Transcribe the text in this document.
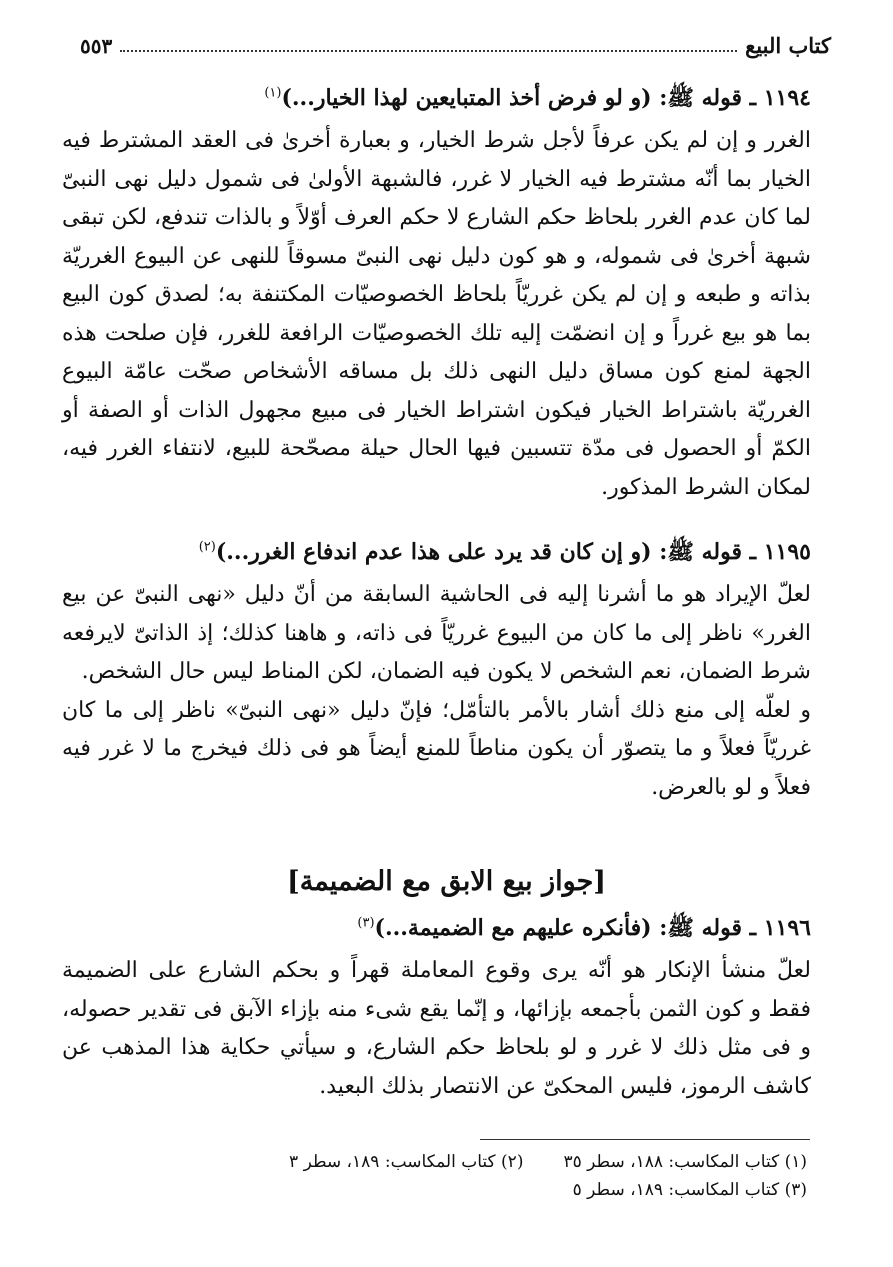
كتاب البيع
٥٥٣
١١٩٤ ـ قوله ﷺ: (و لو فرض أخذ المتبايعين لهذا الخيار...)$^{(١)}$
الغرر و إن لم يكن عرفاً لأجل شرط الخيار، و بعبارة أخرىٰ فى العقد المشترط فيه الخيار بما أنّه مشترط فيه الخيار لا غرر، فالشبهة الأولىٰ فى شمول دليل نهى النبىّ لما كان عدم الغرر بلحاظ حكم الشارع لا حكم العرف أوّلاً و بالذات تندفع، لكن تبقى شبهة أخرىٰ فى شموله، و هو كون دليل نهى النبىّ مسوقاً للنهى عن البيوع الغرريّة بذاته و طبعه و إن لم يكن غرريّاً بلحاظ الخصوصيّات المكتنفة به؛ لصدق كون البيع بما هو بيع غرراً و إن انضمّت إليه تلك الخصوصيّات الرافعة للغرر، فإن صلحت هذه الجهة لمنع كون مساق دليل النهى ذلك بل مساقه الأشخاص صحّت عامّة البيوع الغرريّة باشتراط الخيار فيكون اشتراط الخيار فى مبيع مجهول الذات أو الصفة أو الكمّ أو الحصول فى مدّة تتسبين فيها الحال حيلة مصحّحة للبيع، لانتفاء الغرر فيه، لمكان الشرط المذكور.
١١٩٥ ـ قوله ﷺ: (و إن كان قد يرد على هذا عدم اندفاع الغرر...)$^{(٢)}$
لعلّ الإيراد هو ما أشرنا إليه فى الحاشية السابقة من أنّ دليل «نهى النبىّ عن بيع الغرر» ناظر إلى ما كان من البيوع غرريّاً فى ذاته، و هاهنا كذلك؛ إذ الذاتىّ لايرفعه شرط الضمان، نعم الشخص لا يكون فيه الضمان، لكن المناط ليس حال الشخص.
و لعلّه إلى منع ذلك أشار بالأمر بالتأمّل؛ فإنّ دليل «نهى النبىّ» ناظر إلى ما كان غرريّاً فعلاً و ما يتصوّر أن يكون مناطاً للمنع أيضاً هو فى ذلك فيخرج ما لا غرر فيه فعلاً و لو بالعرض.
[جواز بيع الابق مع الضميمة]
١١٩٦ ـ قوله ﷺ: (فأنكره عليهم مع الضميمة...)$^{(٣)}$
لعلّ منشأ الإنكار هو أنّه يرى وقوع المعاملة قهراً و بحكم الشارع على الضميمة فقط و كون الثمن بأجمعه بإزائها، و إنّما يقع شىء منه بإزاء الآبق فى تقدير حصوله، و فى مثل ذلك لا غرر و لو بلحاظ حكم الشارع، و سيأتي حكاية هذا المذهب عن كاشف الرموز، فليس المحكىّ عن الانتصار بذلك البعيد.
(١) كتاب المكاسب: ١٨٨، سطر ٣٥
(٢) كتاب المكاسب: ١٨٩، سطر ٣
(٣) كتاب المكاسب: ١٨٩، سطر ٥
